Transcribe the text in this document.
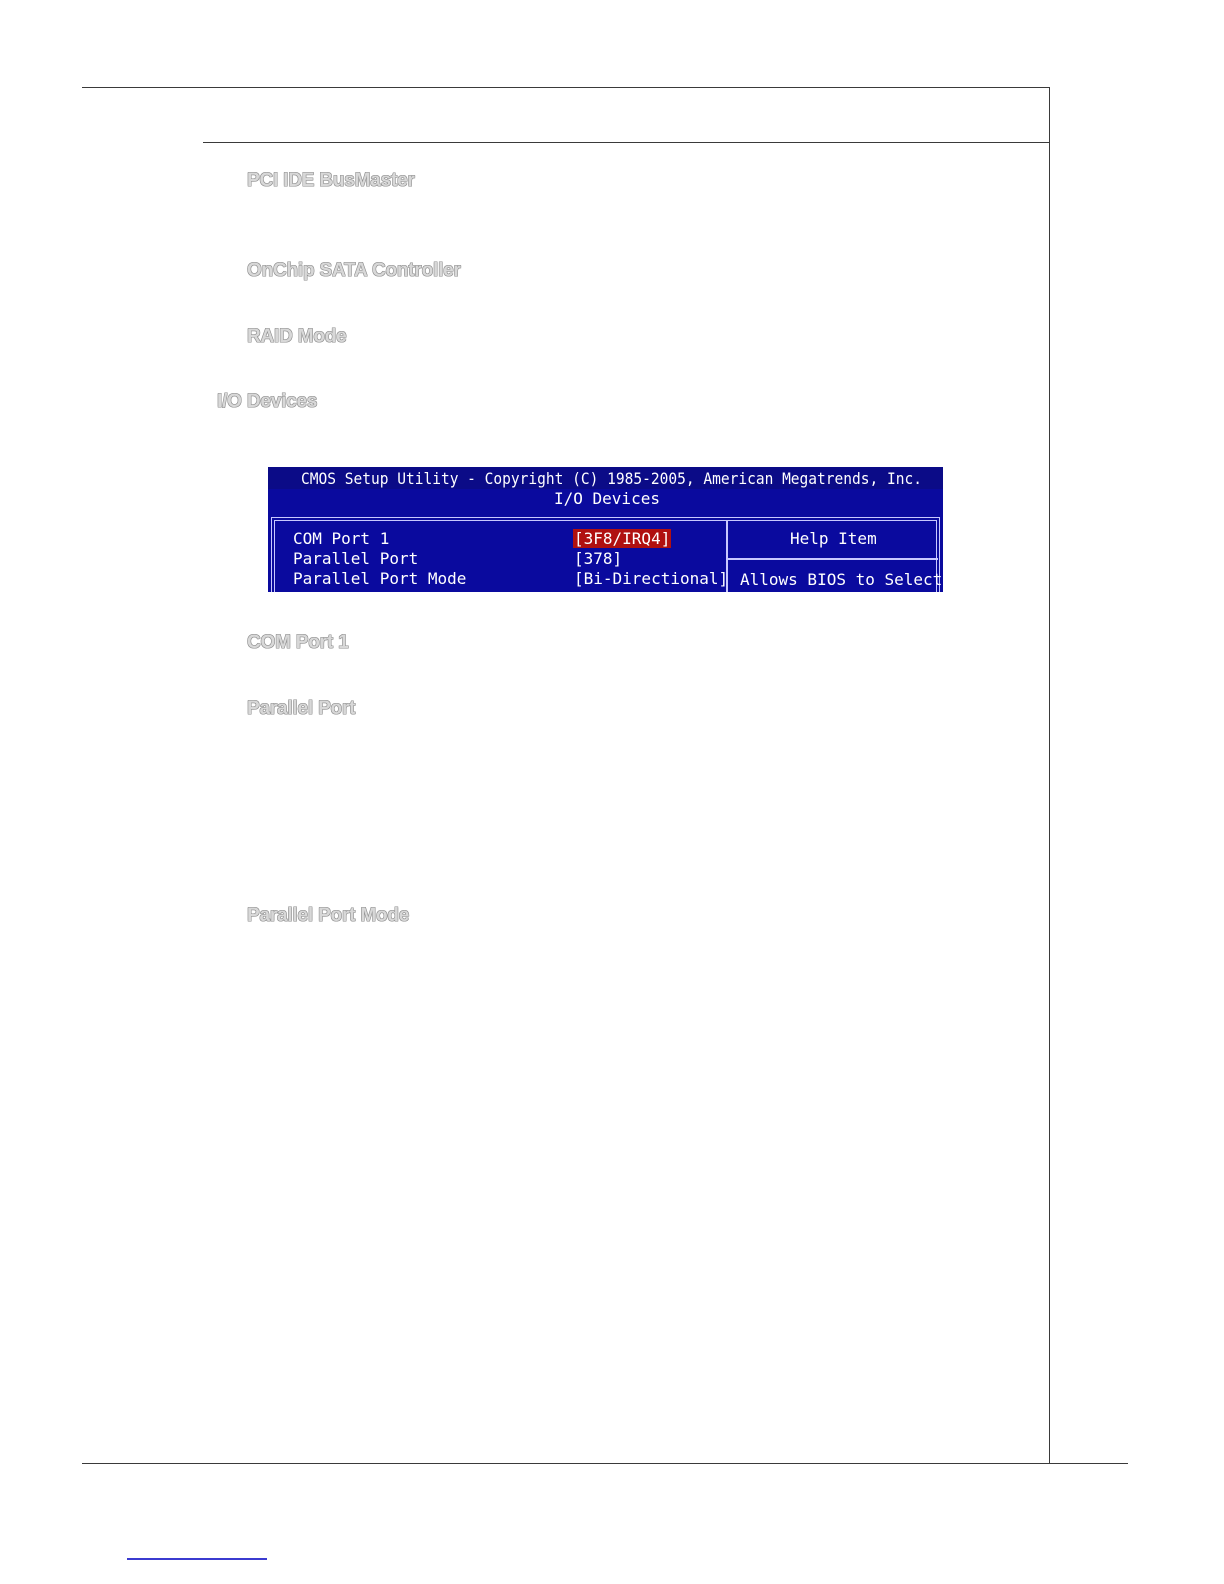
PCI IDE BusMaster
OnChip SATA Controller
RAID Mode
I/O Devices
CMOS Setup Utility - Copyright (C) 1985-2005, American Megatrends, Inc.
I/O Devices
COM Port 1
Parallel Port
Parallel Port Mode
[3F8/IRQ4]
[378]
[Bi-Directional]
Help Item
Allows BIOS to Select
COM Port 1
Parallel Port
Parallel Port Mode
